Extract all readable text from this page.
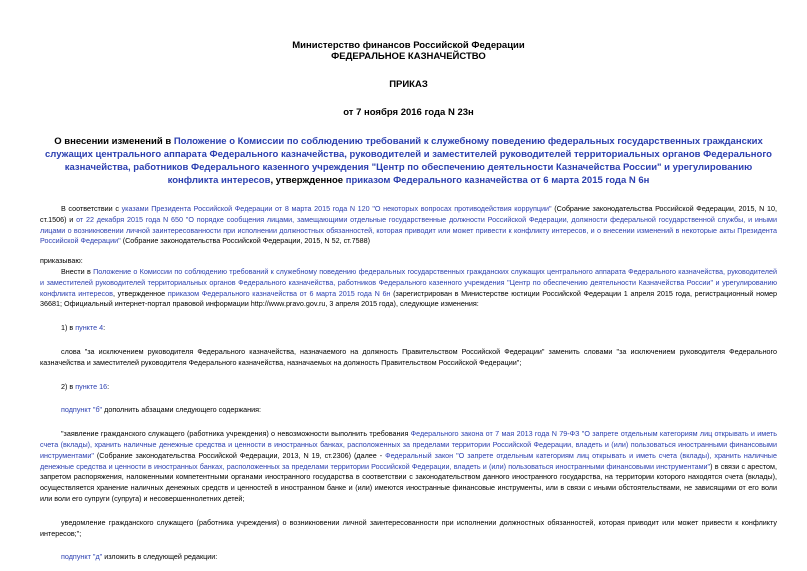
Министерство финансов Российской Федерации
ФЕДЕРАЛЬНОЕ КАЗНАЧЕЙСТВО
ПРИКАЗ
от 7 ноября 2016 года N 23н
О внесении изменений в Положение о Комиссии по соблюдению требований к служебному поведению федеральных государственных гражданских служащих центрального аппарата Федерального казначейства, руководителей и заместителей руководителей территориальных органов Федерального казначейства, работников Федерального казенного учреждения "Центр по обеспечению деятельности Казначейства России" и урегулированию конфликта интересов, утвержденное приказом Федерального казначейства от 6 марта 2015 года N 6н

В соответствии с указами Президента Российской Федерации от 8 марта 2015 года N 120 "О некоторых вопросах противодействия коррупции" (Собрание законодательства Российской Федерации, 2015, N 10, ст.1506) и от 22 декабря 2015 года N 650 "О порядке сообщения лицами, замещающими отдельные государственные должности Российской Федерации, должности федеральной государственной службы, и иными лицами о возникновении личной заинтересованности при исполнении должностных обязанностей, которая приводит или может привести к конфликту интересов, и о внесении изменений в некоторые акты Президента Российской Федерации" (Собрание законодательства Российской Федерации, 2015, N 52, ст.7588)

приказываю:

Внести в Положение о Комиссии по соблюдению требований к служебному поведению федеральных государственных гражданских служащих центрального аппарата Федерального казначейства, руководителей и заместителей руководителей территориальных органов Федерального казначейства, работников Федерального казенного учреждения "Центр по обеспечению деятельности Казначейства России" и урегулированию конфликта интересов, утвержденное приказом Федерального казначейства от 6 марта 2015 года N 6н (зарегистрирован в Министерстве юстиции Российской Федерации 1 апреля 2015 года, регистрационный номер 36681; Официальный интернет-портал правовой информации http://www.pravo.gov.ru, 3 апреля 2015 года), следующие изменения:

1) в пункте 4:

слова "за исключением руководителя Федерального казначейства, назначаемого на должность Правительством Российской Федерации" заменить словами "за исключением руководителя Федерального казначейства и заместителей руководителя Федерального казначейства, назначаемых на должность Правительством Российской Федерации";

2) в пункте 16:

подпункт "б" дополнить абзацами следующего содержания:

"заявление гражданского служащего (работника учреждения) о невозможности выполнить требования Федерального закона от 7 мая 2013 года N 79-ФЗ "О запрете отдельным категориям лиц открывать и иметь счета (вклады), хранить наличные денежные средства и ценности в иностранных банках, расположенных за пределами территории Российской Федерации, владеть и (или) пользоваться иностранными финансовыми инструментами" (Собрание законодательства Российской Федерации, 2013, N 19, ст.2306) (далее - Федеральный закон "О запрете отдельным категориям лиц открывать и иметь счета (вклады), хранить наличные денежные средства и ценности в иностранных банках, расположенных за пределами территории Российской Федерации, владеть и (или) пользоваться иностранными финансовыми инструментами") в связи с арестом, запретом распоряжения, наложенными компетентными органами иностранного государства в соответствии с законодательством данного иностранного государства, на территории которого находятся счета (вклады), осуществляется хранение наличных денежных средств и ценностей в иностранном банке и (или) имеются иностранные финансовые инструменты, или в связи с иными обстоятельствами, не зависящими от его воли или воли его супруги (супруга) и несовершеннолетних детей;

уведомление гражданского служащего (работника учреждения) о возникновении личной заинтересованности при исполнении должностных обязанностей, которая приводит или может привести к конфликту интересов;";

подпункт "д" изложить в следующей редакции:
